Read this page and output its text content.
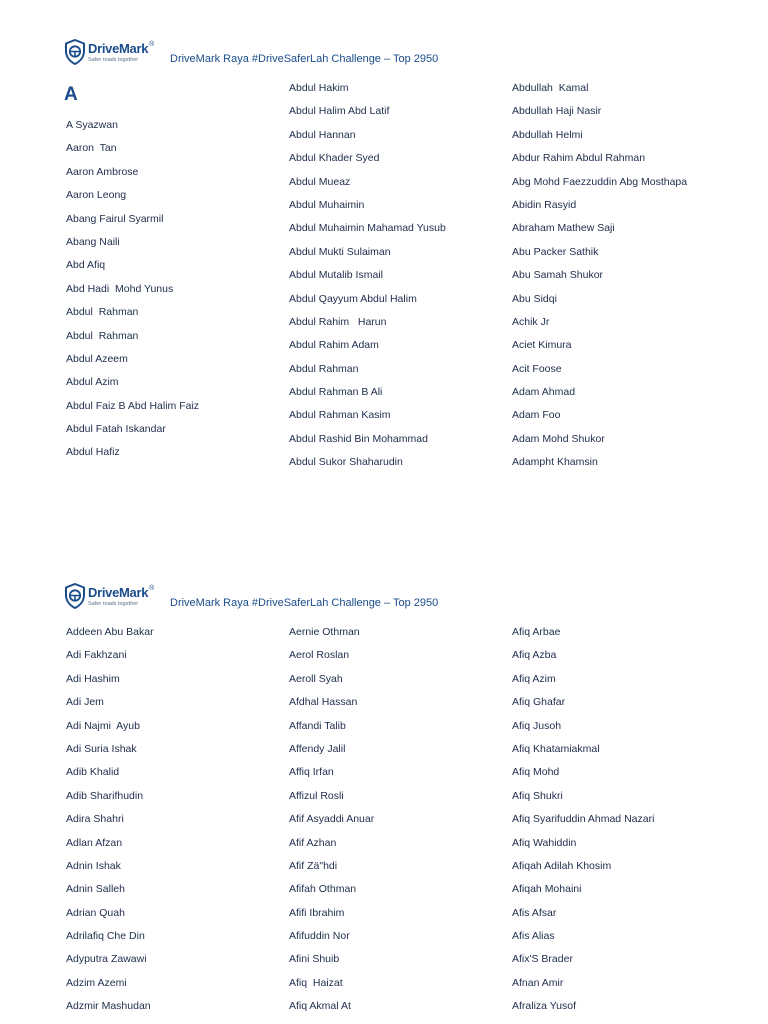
DriveMark®
Safer roads together	DriveMark Raya #DriveSaferLah Challenge – Top 2950
A
A Syazwan
Aaron  Tan
Aaron Ambrose
Aaron Leong
Abang Fairul Syarmil
Abang Naili
Abd Afiq
Abd Hadi  Mohd Yunus
Abdul  Rahman
Abdul  Rahman
Abdul Azeem
Abdul Azim
Abdul Faiz B Abd Halim Faiz
Abdul Fatah Iskandar
Abdul Hafiz
Abdul Hakim
Abdul Halim Abd Latif
Abdul Hannan
Abdul Khader Syed
Abdul Mueaz
Abdul Muhaimin
Abdul Muhaimin Mahamad Yusub
Abdul Mukti Sulaiman
Abdul Mutalib Ismail
Abdul Qayyum Abdul Halim
Abdul Rahim   Harun
Abdul Rahim Adam
Abdul Rahman
Abdul Rahman B Ali
Abdul Rahman Kasim
Abdul Rashid Bin Mohammad
Abdul Sukor Shaharudin
Abdullah  Kamal
Abdullah Haji Nasir
Abdullah Helmi
Abdur Rahim Abdul Rahman
Abg Mohd Faezzuddin Abg Mosthapa
Abidin Rasyid
Abraham Mathew Saji
Abu Packer Sathik
Abu Samah Shukor
Abu Sidqi
Achik Jr
Aciet Kimura
Acit Foose
Adam Ahmad
Adam Foo
Adam Mohd Shukor
Adampht Khamsin
DriveMark®
Safer roads together	DriveMark Raya #DriveSaferLah Challenge – Top 2950
Addeen Abu Bakar
Adi Fakhzani
Adi Hashim
Adi Jem
Adi Najmi  Ayub
Adi Suria Ishak
Adib Khalid
Adib Sharifhudin
Adira Shahri
Adlan Afzan
Adnin Ishak
Adnin Salleh
Adrian Quah
Adrilafiq Che Din
Adyputra Zawawi
Adzim Azemi
Adzmir Mashudan
Aernie Othman
Aerol Roslan
Aeroll Syah
Afdhal Hassan
Affandi Talib
Affendy Jalil
Affiq Irfan
Affizul Rosli
Afif Asyaddi Anuar
Afif Azhan
Afif Zä"hdi
Afifah Othman
Afifi Ibrahim
Afifuddin Nor
Afini Shuib
Afiq  Haizat
Afiq Akmal At
Afiq Arbae
Afiq Azba
Afiq Azim
Afiq Ghafar
Afiq Jusoh
Afiq Khatamiakmal
Afiq Mohd
Afiq Shukri
Afiq Syarifuddin Ahmad Nazari
Afiq Wahiddin
Afiqah Adilah Khosim
Afiqah Mohaini
Afis Afsar
Afis Alias
Afix'S Brader
Afnan Amir
Afraliza Yusof
